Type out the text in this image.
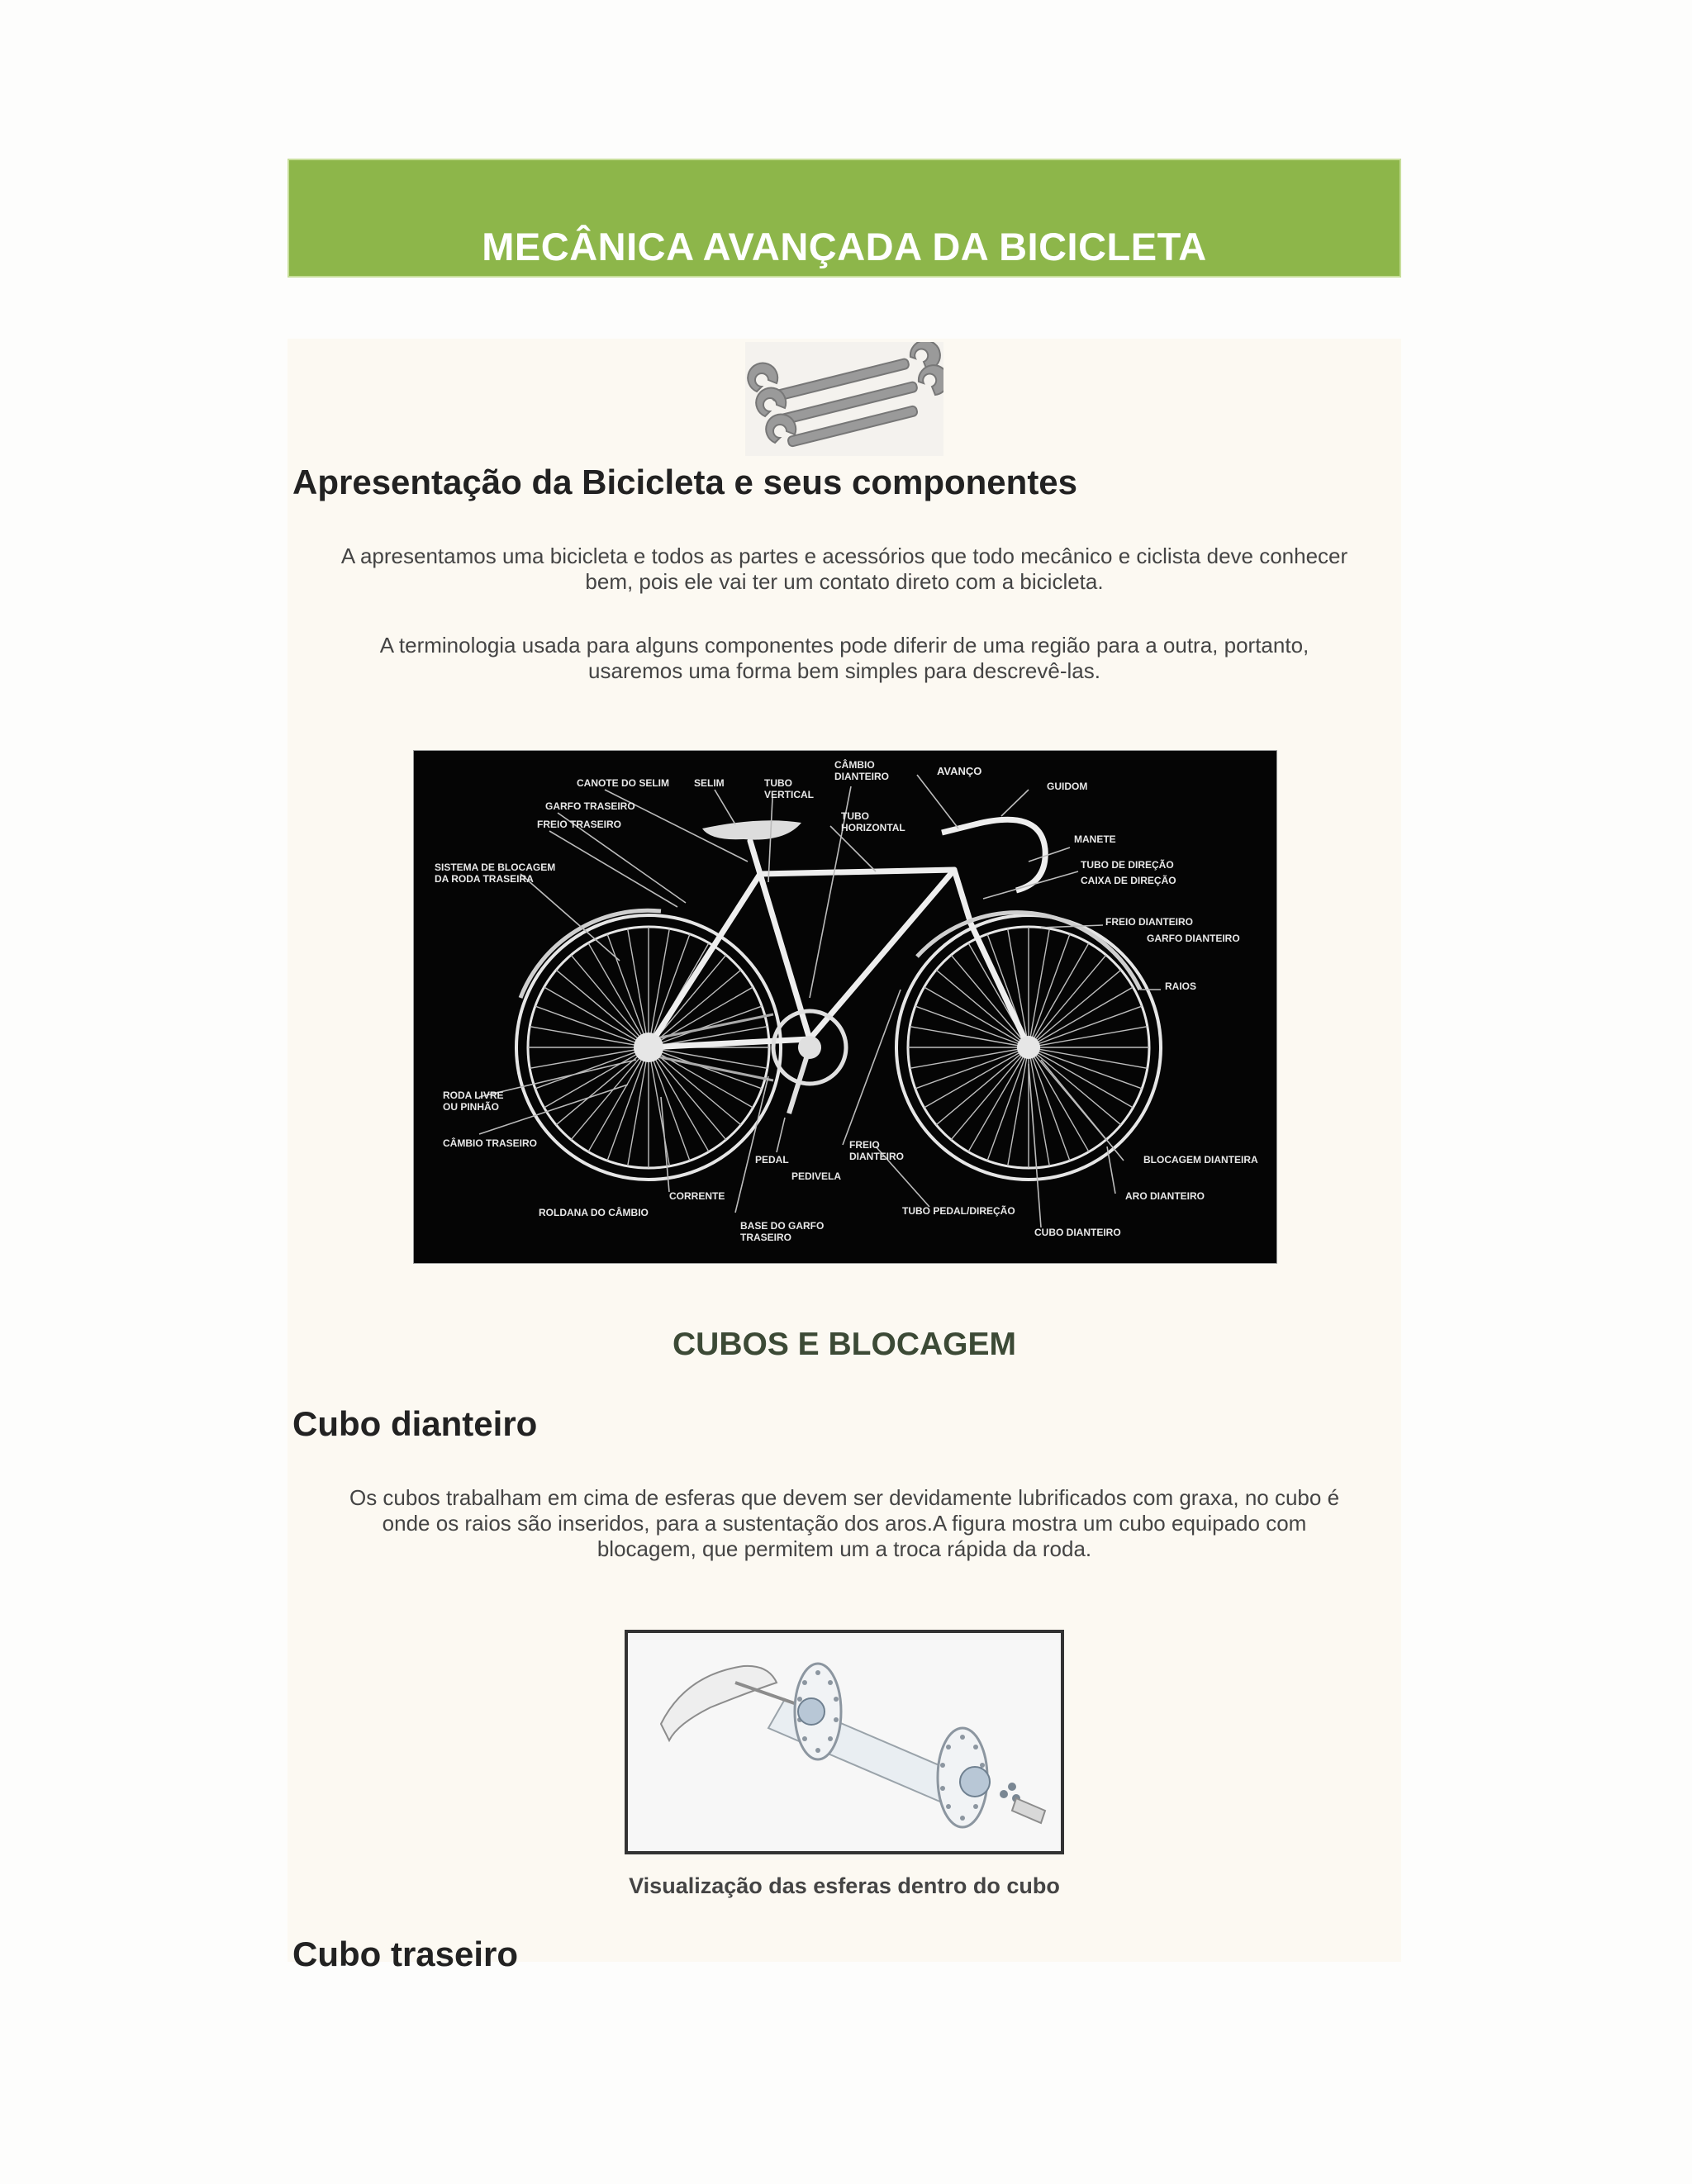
MECÂNICA AVANÇADA DA BICICLETA
Apresentação da Bicicleta e seus componentes

A apresentamos uma bicicleta e todos as partes e acessórios que todo mecânico e ciclista deve conhecer
bem, pois ele vai ter um contato direto com a bicicleta.

A terminologia usada para alguns componentes pode diferir de uma região para a outra, portanto,
usaremos uma forma bem simples para descrevê-las.

CANOTE DO SELIM SELIM	TUBO
VERTICAL
CÂMBIO
DIANTEIRO	AVANÇO
GUIDOM
GARFO TRASEIRO
FREIO TRASEIRO
TUBO
HORIZONTAL
MANETE
SISTEMA DE BLOCAGEM
DA RODA TRASEIRA
TUBO DE DIREÇÃO
CAIXA DE DIREÇÃO
FREIO DIANTEIRO
GARFO DIANTEIRO
RAIOS
RODA LIVRE
OU PINHÃO
CÂMBIO TRASEIRO
PEDAL
FREIO
DIANTEIRO
PEDIVELA
BLOCAGEM DIANTEIRA
CORRENTE	ARO DIANTEIRO
ROLDANA DO CÂMBIO
BASE DO GARFO
TRASEIRO
TUBO PEDAL/DIREÇÃO
CUBO DIANTEIRO
CUBOS E BLOCAGEM
Cubo dianteiro

Os cubos trabalham em cima de esferas que devem ser devidamente lubrificados com graxa, no cubo é
onde os raios são inseridos, para a sustentação dos aros.A figura mostra um cubo equipado com
blocagem, que permitem um a troca rápida da roda.

Visualização das esferas dentro do cubo

Cubo traseiro
